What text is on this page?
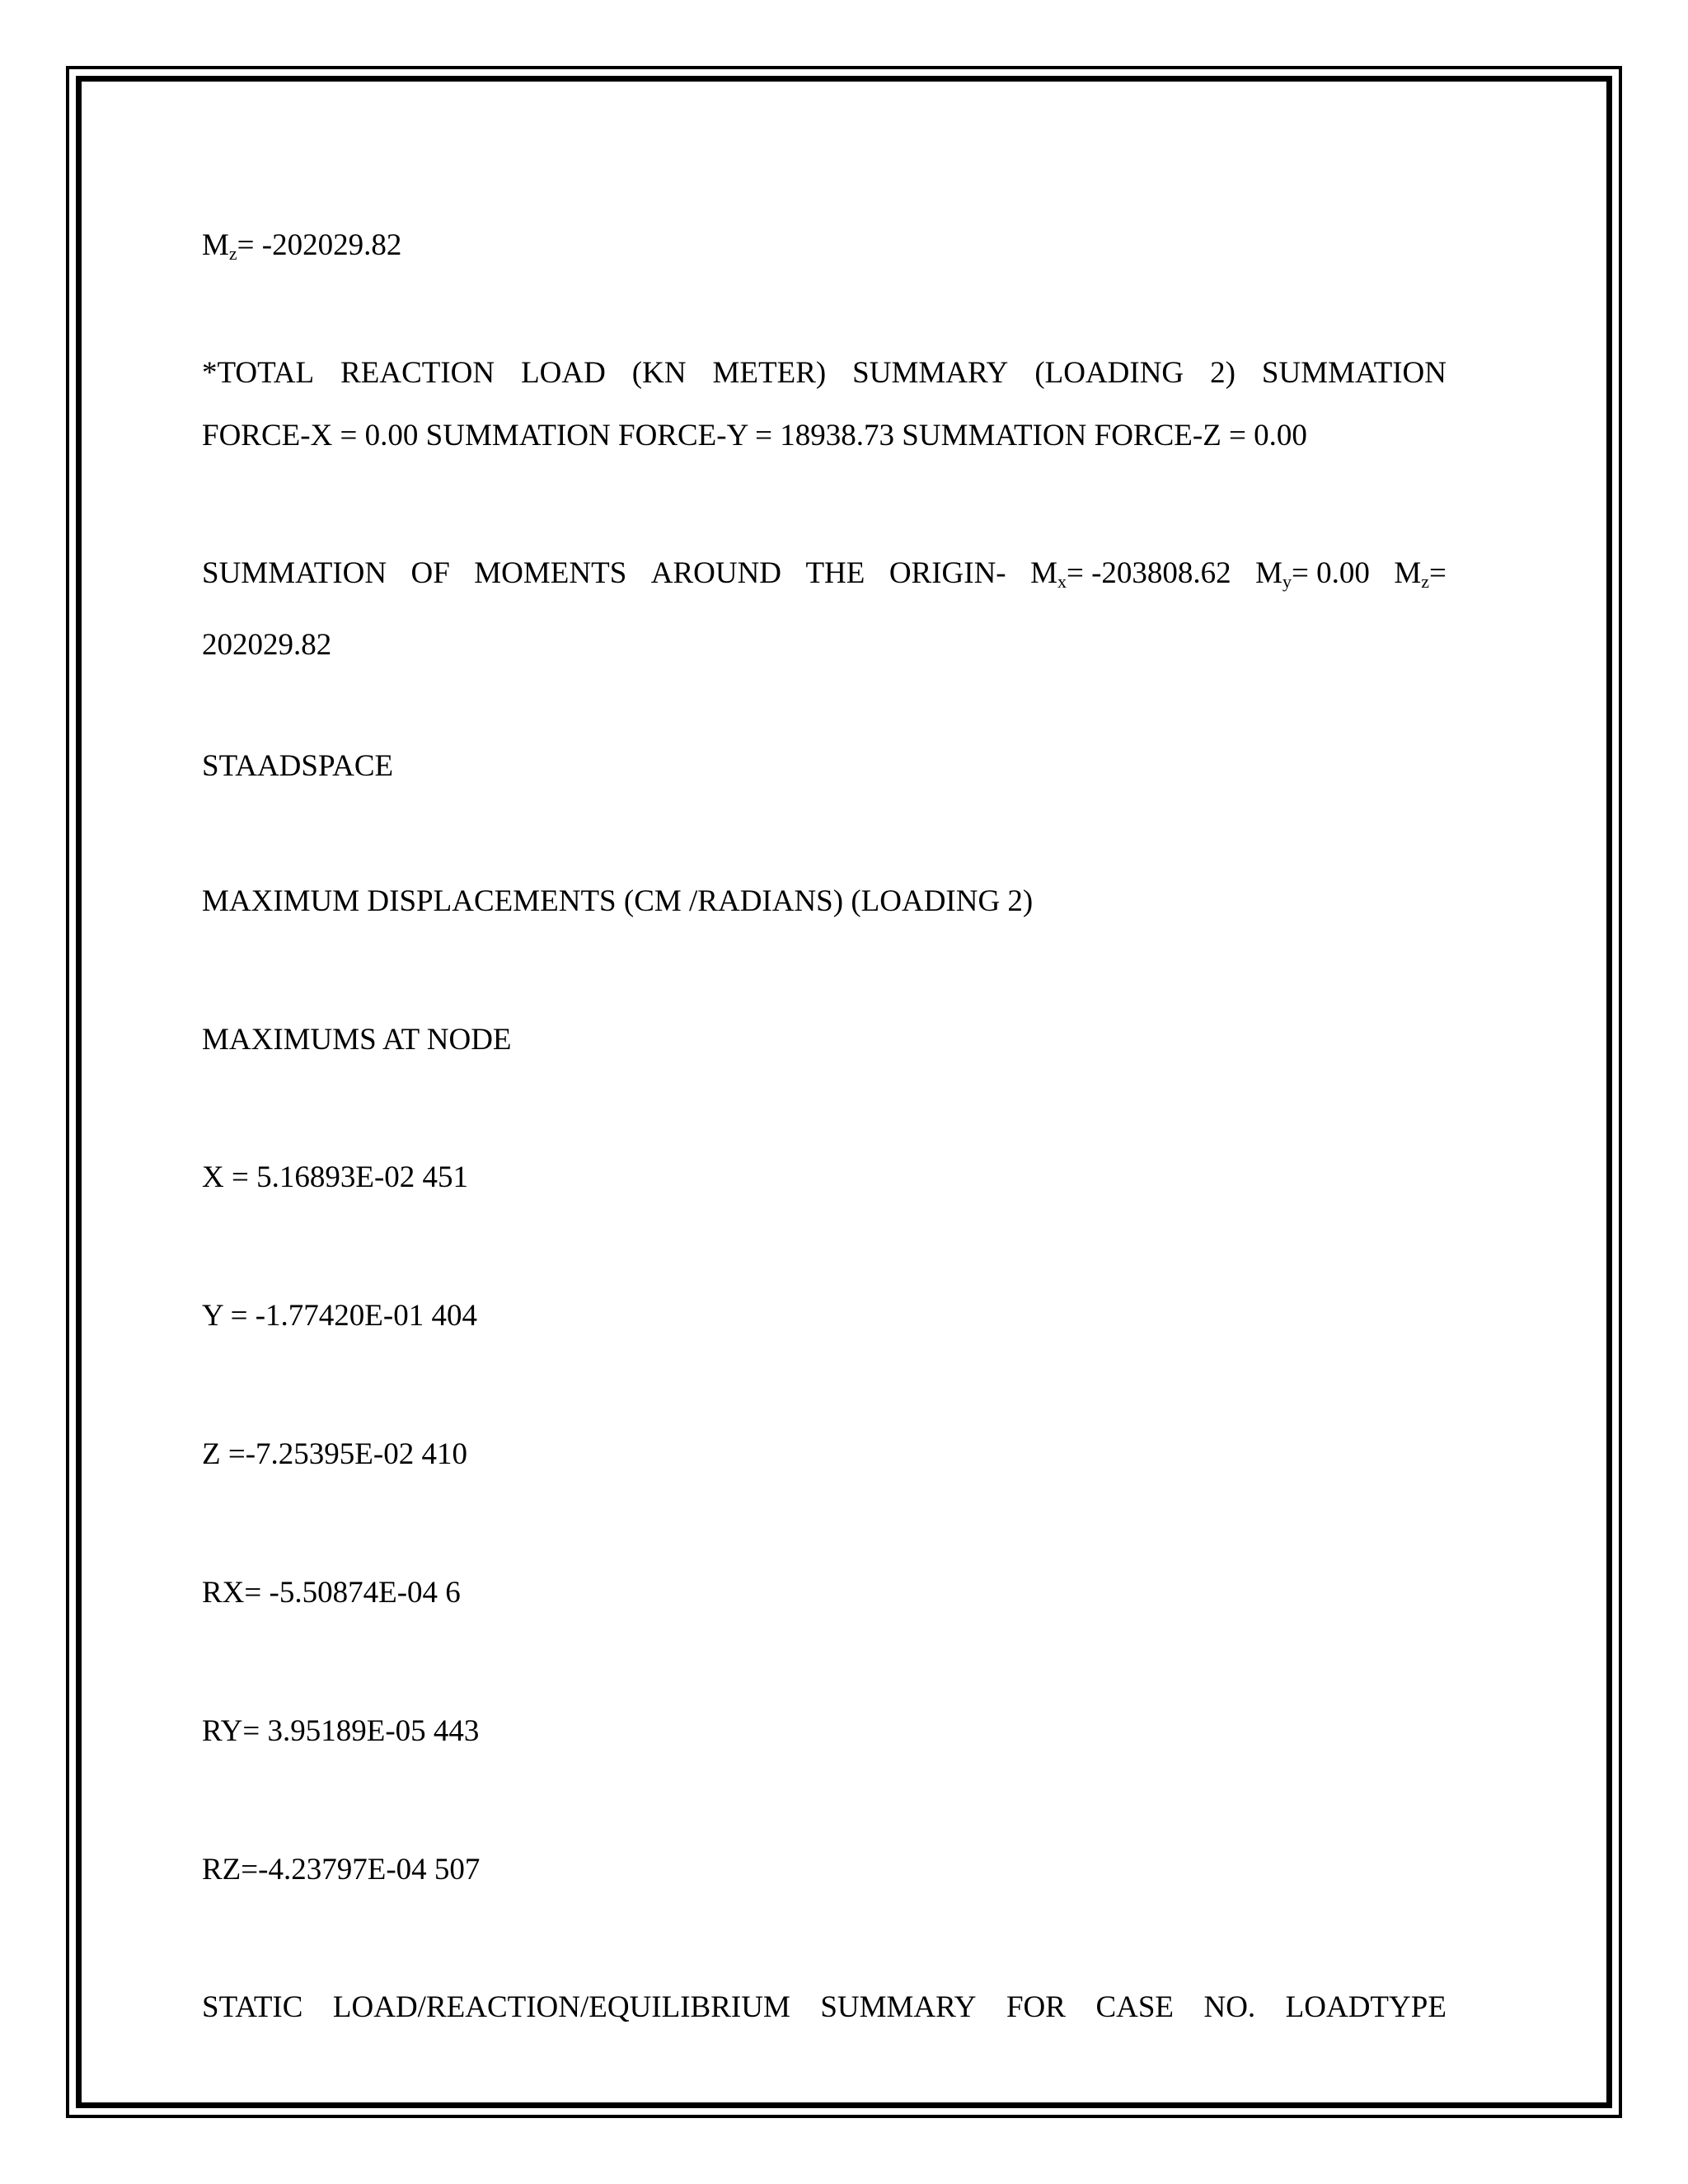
$M_z= -202029.82$
*TOTAL REACTION LOAD (KN METER) SUMMARY (LOADING 2) SUMMATION
FORCE-X = 0.00 SUMMATION FORCE-Y = 18938.73 SUMMATION FORCE-Z = 0.00
SUMMATION OF MOMENTS AROUND THE ORIGIN- $M_x= -203808.62$ $M_y= 0.00$ $M_z=$
202029.82
STAADSPACE
MAXIMUM DISPLACEMENTS (CM /RADIANS) (LOADING 2)
MAXIMUMS AT NODE
X = 5.16893E-02 451
Y = -1.77420E-01 404
Z =-7.25395E-02 410
RX= -5.50874E-04 6
RY= 3.95189E-05 443
RZ=-4.23797E-04 507
STATIC LOAD/REACTION/EQUILIBRIUM SUMMARY FOR CASE NO. LOADTYPE
